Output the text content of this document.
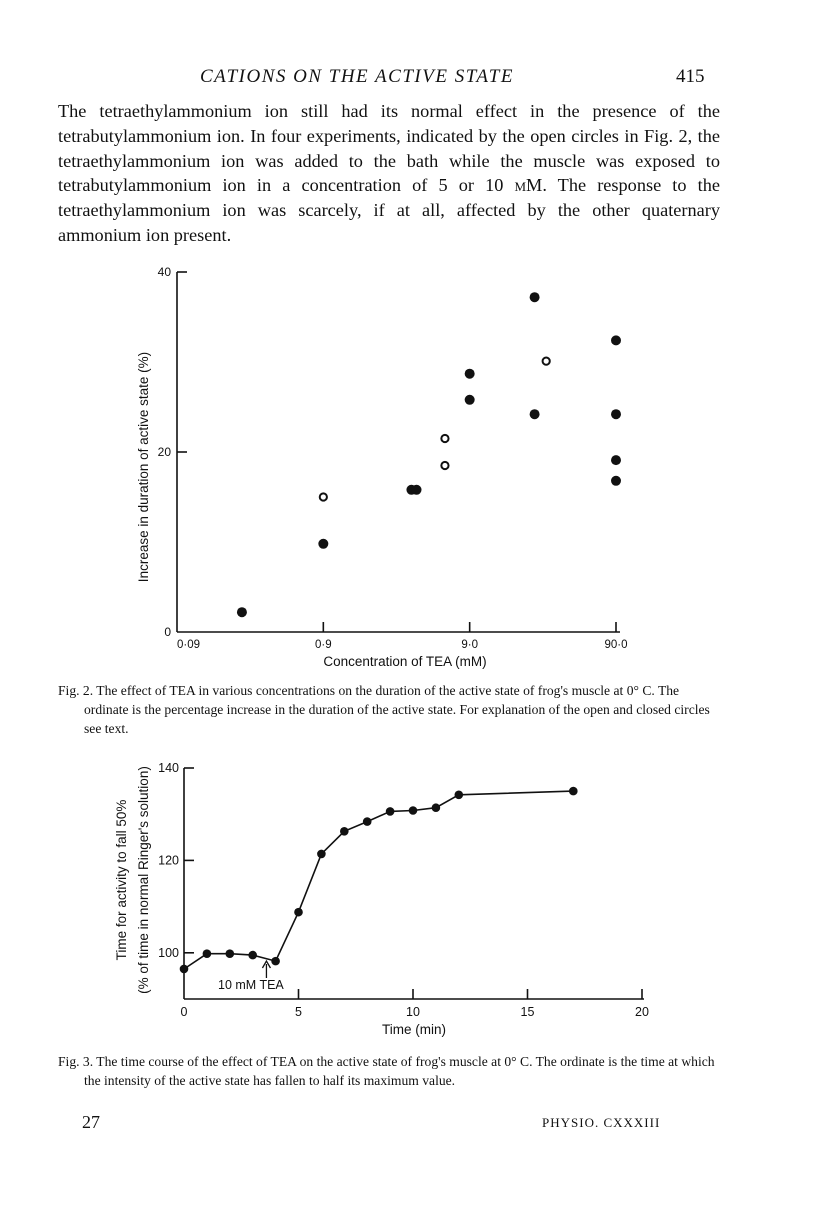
CATIONS ON THE ACTIVE STATE	415
The tetraethylammonium ion still had its normal effect in the presence of the tetrabutylammonium ion. In four experiments, indicated by the open circles in Fig. 2, the tetraethylammonium ion was added to the bath while the muscle was exposed to tetrabutylammonium ion in a concentration of 5 or 10 mM. The response to the tetraethylammonium ion was scarcely, if at all, affected by the other quaternary ammonium ion present.
0
20
40
0·09	0·9	9·0	90·0
Concentration of TEA (mM)
Increase in duration of active state (%)
Fig. 2. The effect of TEA in various concentrations on the duration of the active state of frog's muscle at 0° C. The ordinate is the percentage increase in the duration of the active state. For explanation of the open and closed circles see text.
100
120
140
0	5	10	15	20
10 mM TEA
Time (min)
Time for activity to fall 50% (% of time in normal Ringer's solution)
Fig. 3. The time course of the effect of TEA on the active state of frog's muscle at 0° C. The ordinate is the time at which the intensity of the active state has fallen to half its maximum value.
27	PHYSIO. CXXXIII
